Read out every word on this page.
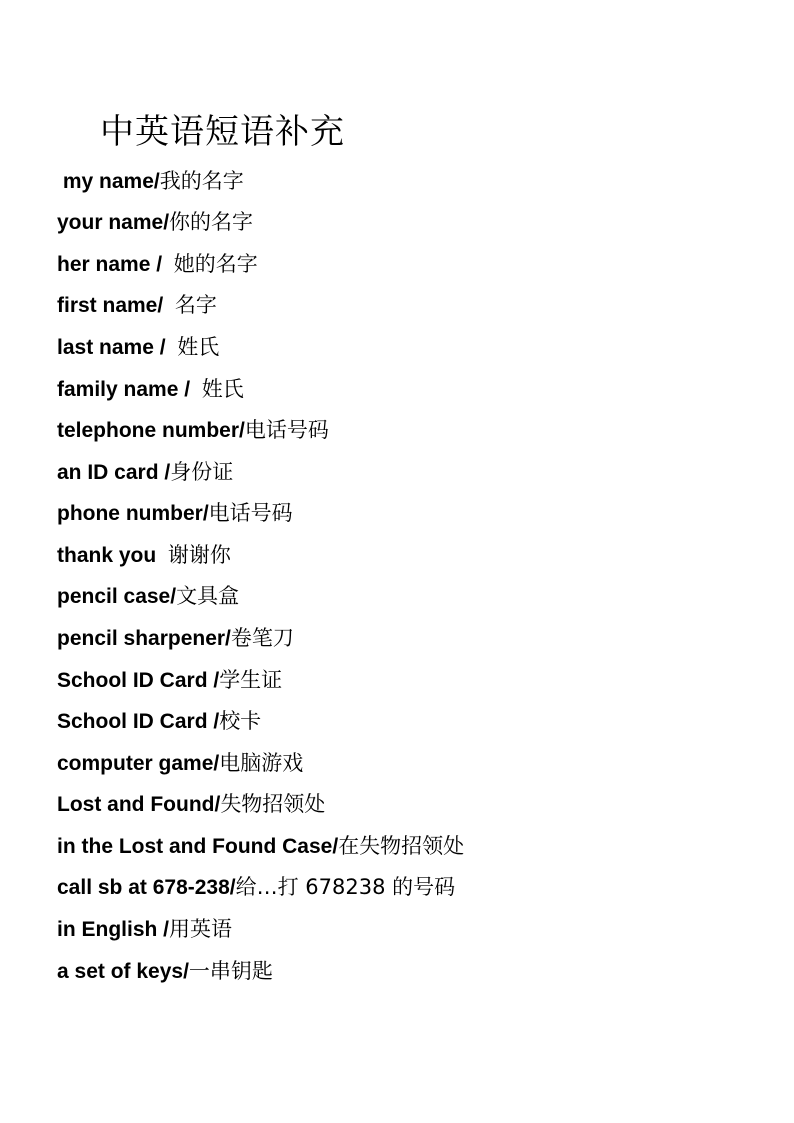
中英语短语补充
my name/我的名字
your name/你的名字
her name /  她的名字
first name/  名字
last name /  姓氏
family name /  姓氏
telephone number/电话号码
an ID card /身份证
phone number/电话号码
thank you  谢谢你
pencil case/文具盒
pencil sharpener/卷笔刀
School ID Card /学生证
School ID Card /校卡
computer game/电脑游戏
Lost and Found/失物招领处
in the Lost and Found Case/在失物招领处
call sb at 678-238/给…打 678238 的号码
in English /用英语
a set of keys/一串钥匙
